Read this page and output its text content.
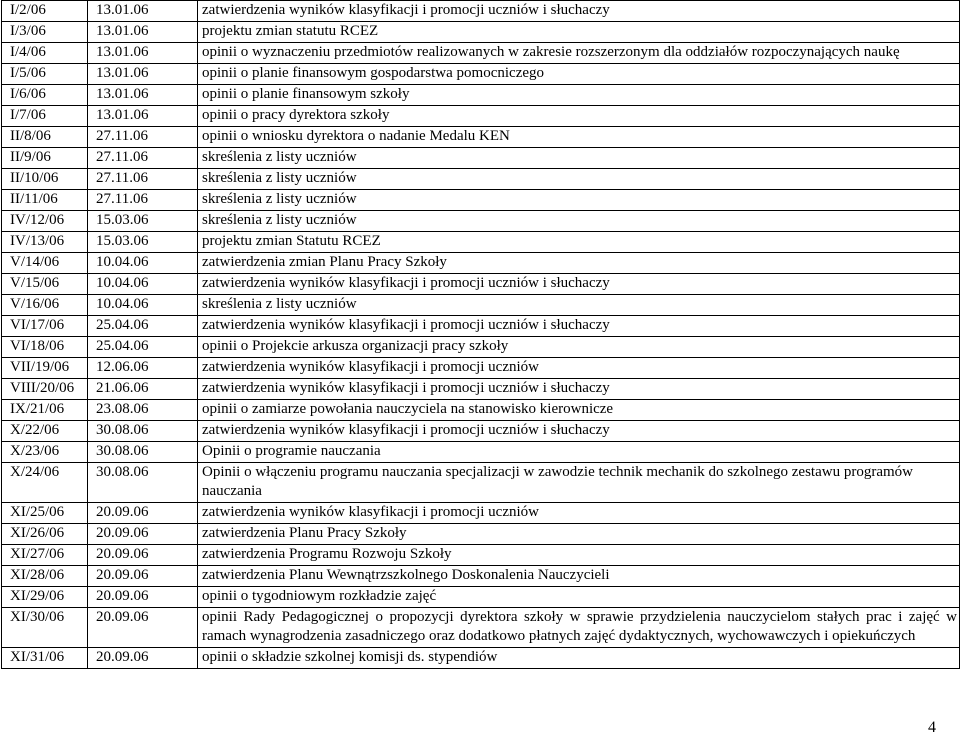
I/2/06	13.01.06	zatwierdzenia wyników klasyfikacji i promocji uczniów i słuchaczy
I/3/06	13.01.06	projektu zmian statutu RCEZ
I/4/06	13.01.06	opinii o wyznaczeniu przedmiotów realizowanych w zakresie rozszerzonym dla oddziałów rozpoczynających naukę
I/5/06	13.01.06	opinii o planie finansowym gospodarstwa pomocniczego
I/6/06	13.01.06	opinii o planie finansowym szkoły
I/7/06	13.01.06	opinii o pracy dyrektora szkoły
II/8/06	27.11.06	opinii o wniosku dyrektora o nadanie Medalu KEN
II/9/06	27.11.06	skreślenia z listy uczniów
II/10/06	27.11.06	skreślenia z listy uczniów
II/11/06	27.11.06	skreślenia z listy uczniów
IV/12/06	15.03.06	skreślenia z listy uczniów
IV/13/06	15.03.06	projektu zmian Statutu RCEZ
V/14/06	10.04.06	zatwierdzenia zmian Planu Pracy Szkoły
V/15/06	10.04.06	zatwierdzenia wyników klasyfikacji i promocji uczniów i słuchaczy
V/16/06	10.04.06	skreślenia z listy uczniów
VI/17/06	25.04.06	zatwierdzenia wyników klasyfikacji i promocji uczniów i słuchaczy
VI/18/06	25.04.06	opinii o Projekcie arkusza organizacji pracy szkoły
VII/19/06	12.06.06	zatwierdzenia wyników klasyfikacji i promocji uczniów
VIII/20/06	21.06.06	zatwierdzenia wyników klasyfikacji i promocji uczniów i słuchaczy
IX/21/06	23.08.06	opinii o zamiarze powołania nauczyciela na stanowisko kierownicze
X/22/06	30.08.06	zatwierdzenia wyników klasyfikacji i promocji uczniów i słuchaczy
X/23/06	30.08.06	Opinii o programie nauczania
X/24/06	30.08.06	Opinii o włączeniu programu nauczania specjalizacji w zawodzie technik mechanik do szkolnego zestawu programów nauczania
XI/25/06	20.09.06	zatwierdzenia wyników klasyfikacji i promocji uczniów
XI/26/06	20.09.06	zatwierdzenia Planu Pracy Szkoły
XI/27/06	20.09.06	zatwierdzenia Programu Rozwoju Szkoły
XI/28/06	20.09.06	zatwierdzenia Planu Wewnątrzszkolnego Doskonalenia Nauczycieli
XI/29/06	20.09.06	opinii o tygodniowym rozkładzie zajęć
XI/30/06	20.09.06	opinii Rady Pedagogicznej o propozycji dyrektora szkoły w sprawie przydzielenia nauczycielom stałych prac i zajęć w ramach wynagrodzenia zasadniczego oraz dodatkowo płatnych zajęć dydaktycznych, wychowawczych i opiekuńczych
XI/31/06	20.09.06	opinii o składzie szkolnej komisji ds. stypendiów
4
